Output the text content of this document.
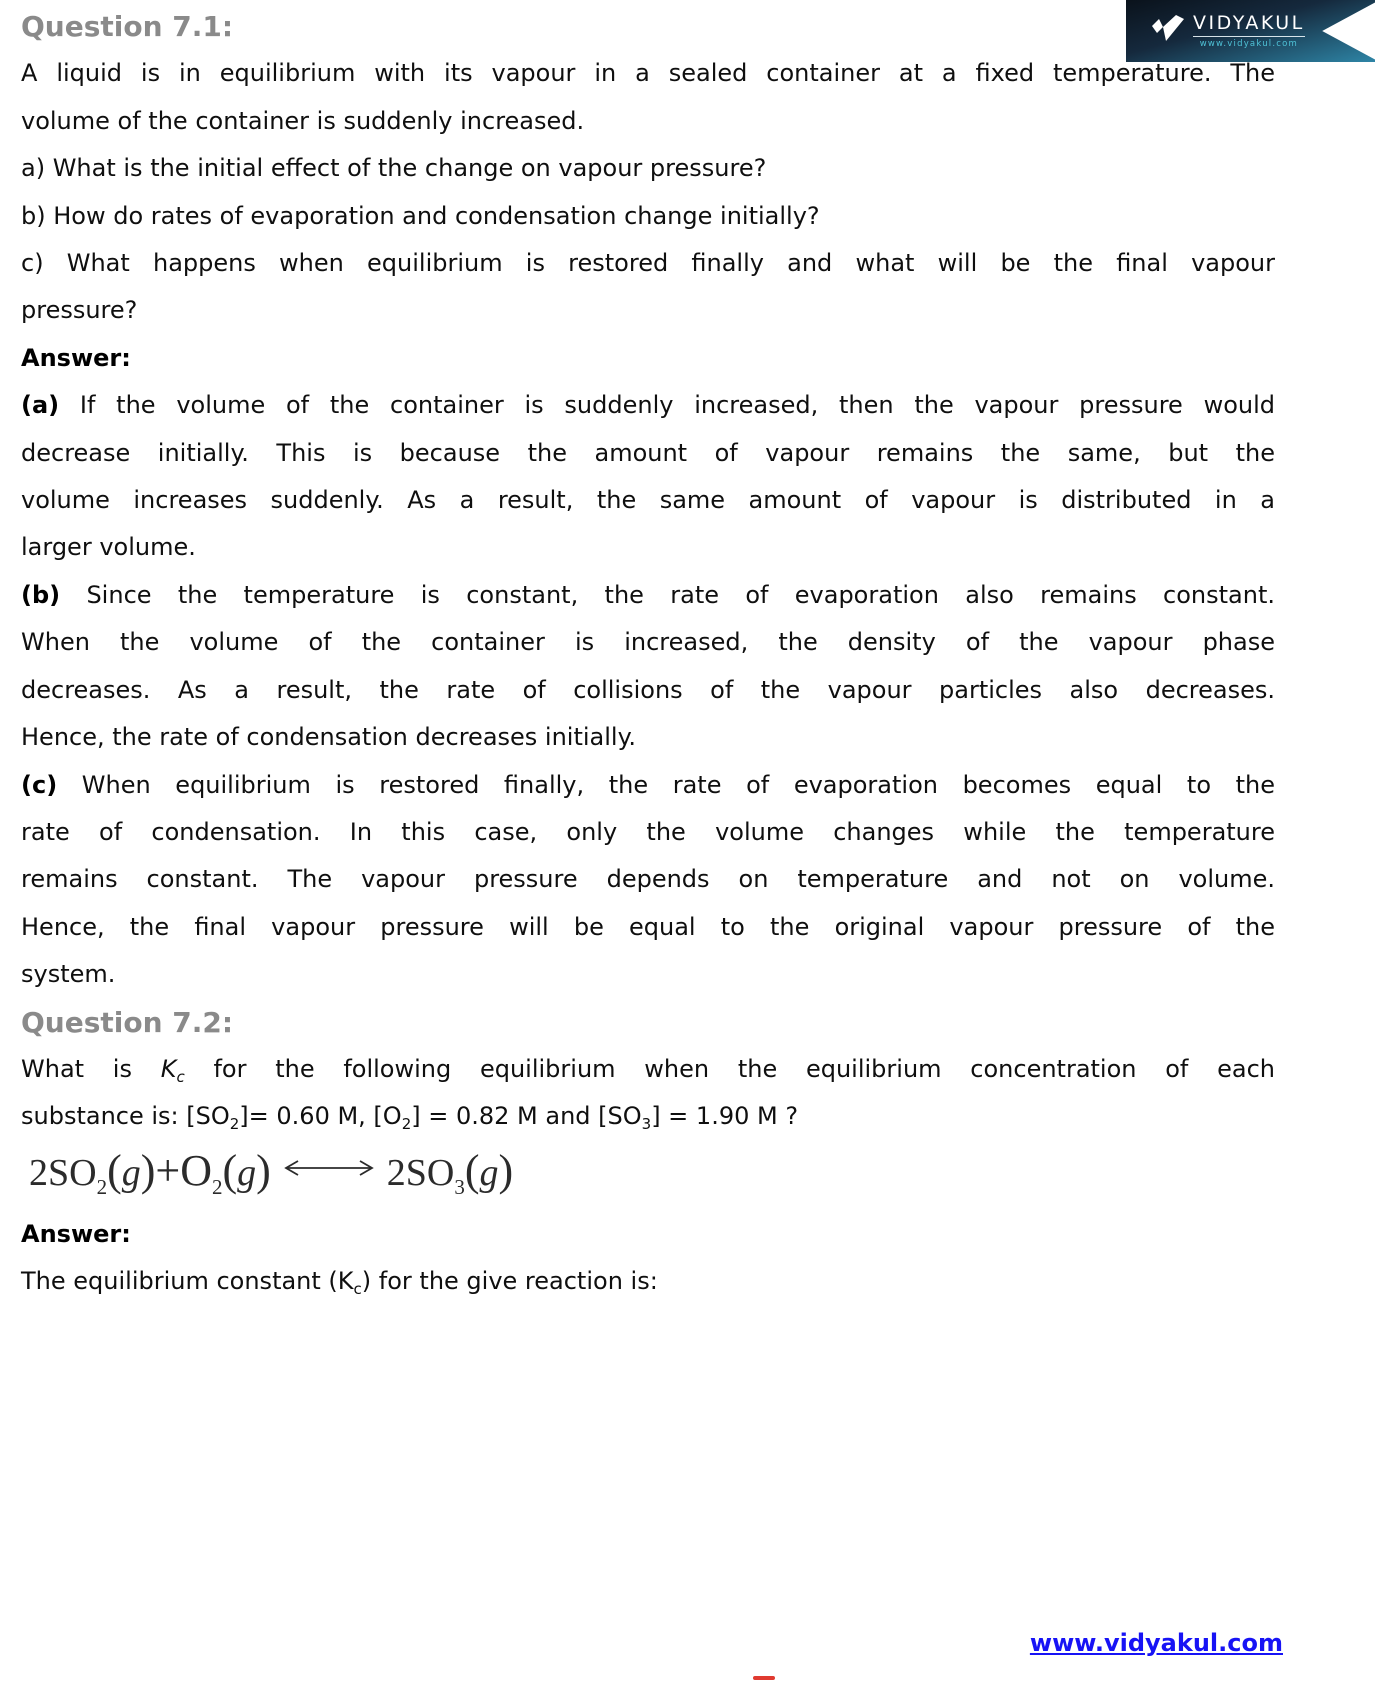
VIDYAKUL
www.vidyakul.com
Question 7.1:
A liquid is in equilibrium with its vapour in a sealed container at a fixed temperature. The
volume of the container is suddenly increased.
a) What is the initial effect of the change on vapour pressure?
b) How do rates of evaporation and condensation change initially?
c) What happens when equilibrium is restored finally and what will be the final vapour
pressure?
Answer:
(a) If the volume of the container is suddenly increased, then the vapour pressure would
decrease initially. This is because the amount of vapour remains the same, but the
volume increases suddenly. As a result, the same amount of vapour is distributed in a
larger volume.
(b) Since the temperature is constant, the rate of evaporation also remains constant.
When the volume of the container is increased, the density of the vapour phase
decreases. As a result, the rate of collisions of the vapour particles also decreases.
Hence, the rate of condensation decreases initially.
(c) When equilibrium is restored finally, the rate of evaporation becomes equal to the
rate of condensation. In this case, only the volume changes while the temperature
remains constant. The vapour pressure depends on temperature and not on volume.
Hence, the final vapour pressure will be equal to the original vapour pressure of the
system.
Question 7.2:
What is $K_c$ for the following equilibrium when the equilibrium concentration of each
substance is: $[SO_2]= 0.60$ M, $[O_2] = 0.82$ M and $[SO_3] = 1.90$ M ?
$2SO_2(g)+O_2(g)$	$2SO_3(g)$
Answer:
The equilibrium constant $(K_c)$ for the give reaction is:
www.vidyakul.com
